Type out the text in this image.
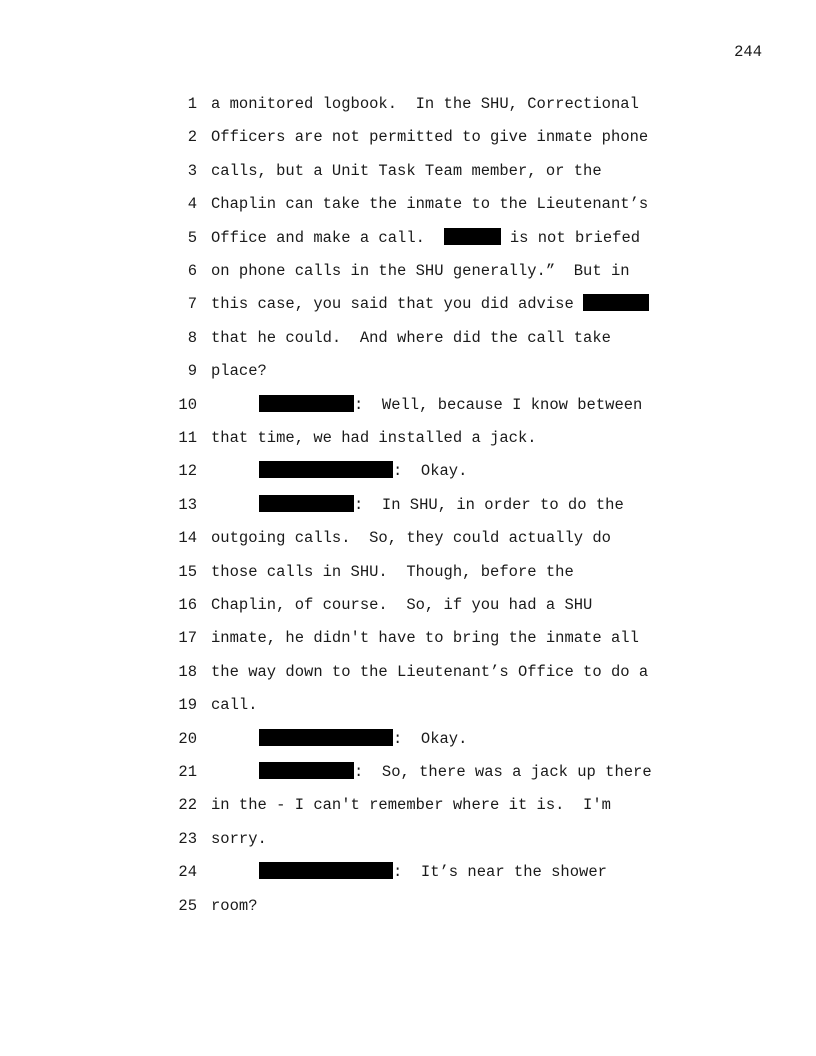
244
1 a monitored logbook.  In the SHU, Correctional
2 Officers are not permitted to give inmate phone
3 calls, but a Unit Task Team member, or the
4 Chaplin can take the inmate to the Lieutenant’s
5 Office and make a call.	is not briefed
6 on phone calls in the SHU generally.”  But in
7 this case, you said that you did advise
8 that he could.  And where did the call take
9 place?
10	:  Well, because I know between
11 that time, we had installed a jack.
12	:  Okay.
13	:  In SHU, in order to do the
14 outgoing calls.  So, they could actually do
15 those calls in SHU.  Though, before the
16 Chaplin, of course.  So, if you had a SHU
17 inmate, he didn't have to bring the inmate all
18 the way down to the Lieutenant’s Office to do a
19 call.
20	:  Okay.
21	:  So, there was a jack up there
22 in the - I can't remember where it is.  I'm
23 sorry.
24	:  It’s near the shower
25 room?
